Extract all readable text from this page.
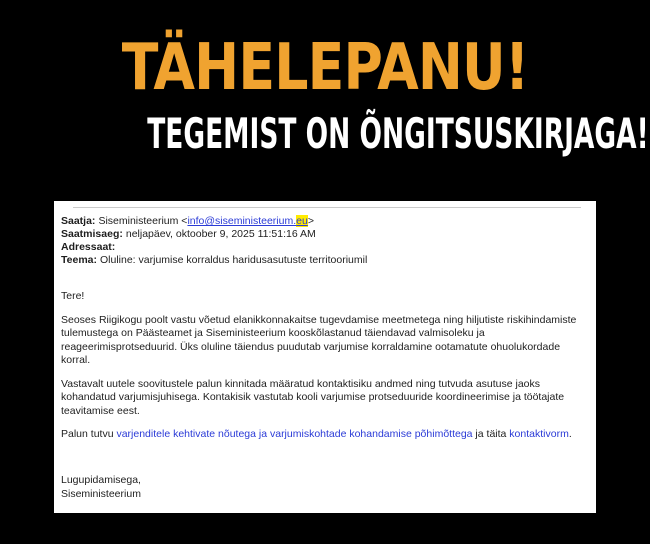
TÄHELEPANU!
TEGEMIST ON ÕNGITSUSKIRJAGA!
Saatja: Siseministeerium <info@siseministeerium.eu>
Saatmisaeg: neljapäev, oktoober 9, 2025 11:51:16 AM
Adressaat:
Teema: Oluline: varjumise korraldus haridusasutuste territooriumil

Tere!

Seoses Riigikogu poolt vastu võetud elanikkonnakaitse tugevdamise meetmetega ning hiljutiste riskihindamiste tulemustega on Päästeamet ja Siseministeerium kooskõlastanud täiendavad valmisoleku ja reageerimisprotseduurid. Üks oluline täiendus puudutab varjumise korraldamine ootamatute ohuolukordade korral.

Vastavalt uutele soovitustele palun kinnitada määratud kontaktisiku andmed ning tutvuda asutuse jaoks kohandatud varjumisjuhisega. Kontakisik vastutab kooli varjumise protseduuride koordineerimise ja töötajate teavitamise eest.

Palun tutvu varjenditele kehtivate nõutega ja varjumiskohtade kohandamise põhimõttega ja täita kontaktivorm.

Lugupidamisega,
Siseministeerium
